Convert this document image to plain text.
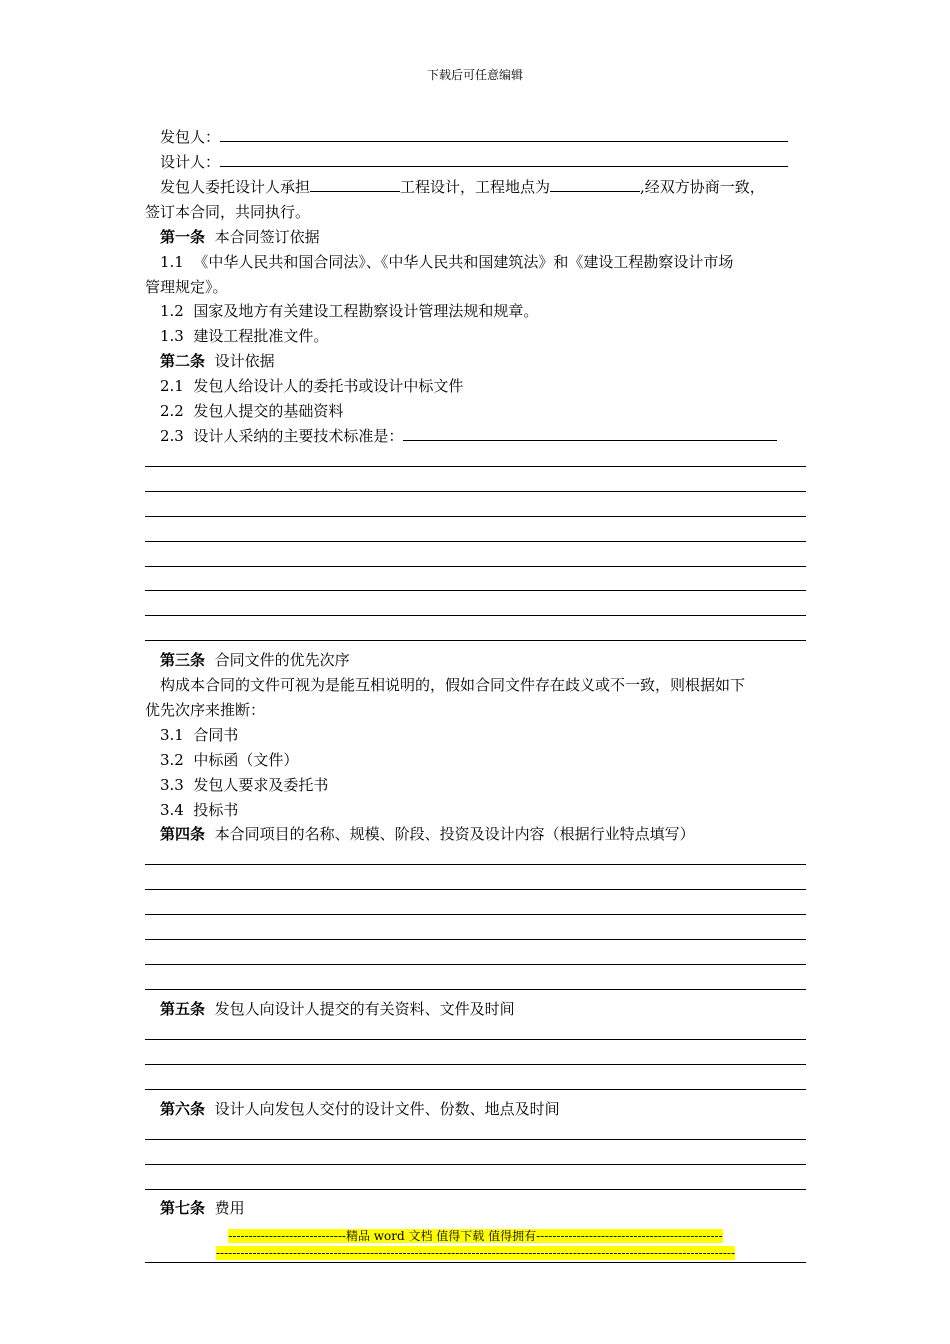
下载后可任意编辑
发包人：
设计人：
发包人委托设计人承担	工程设计，工程地点为	,经双方协商一致，
签订本合同，共同执行。
第一条 本合同签订依据
1.1 《中华人民共和国合同法》、《中华人民共和国建筑法》和《建设工程勘察设计市场
管理规定》。
1.2 国家及地方有关建设工程勘察设计管理法规和规章。
1.3 建设工程批准文件。
第二条 设计依据
2.1 发包人给设计人的委托书或设计中标文件
2.2 发包人提交的基础资料
2.3 设计人采纳的主要技术标准是：
第三条 合同文件的优先次序
构成本合同的文件可视为是能互相说明的，假如合同文件存在歧义或不一致，则根据如下
优先次序来推断：
3.1 合同书
3.2 中标函（文件）
3.3 发包人要求及委托书
3.4 投标书
第四条 本合同项目的名称、规模、阶段、投资及设计内容（根据行业特点填写）
第五条 发包人向设计人提交的有关资料、文件及时间
第六条 设计人向发包人交付的设计文件、份数、地点及时间
第七条 费用
-----------------------------精品 word 文档 值得下载 值得拥有----------------------------------------------
--------------------------------------------------------------------------------------------------------------------------------
